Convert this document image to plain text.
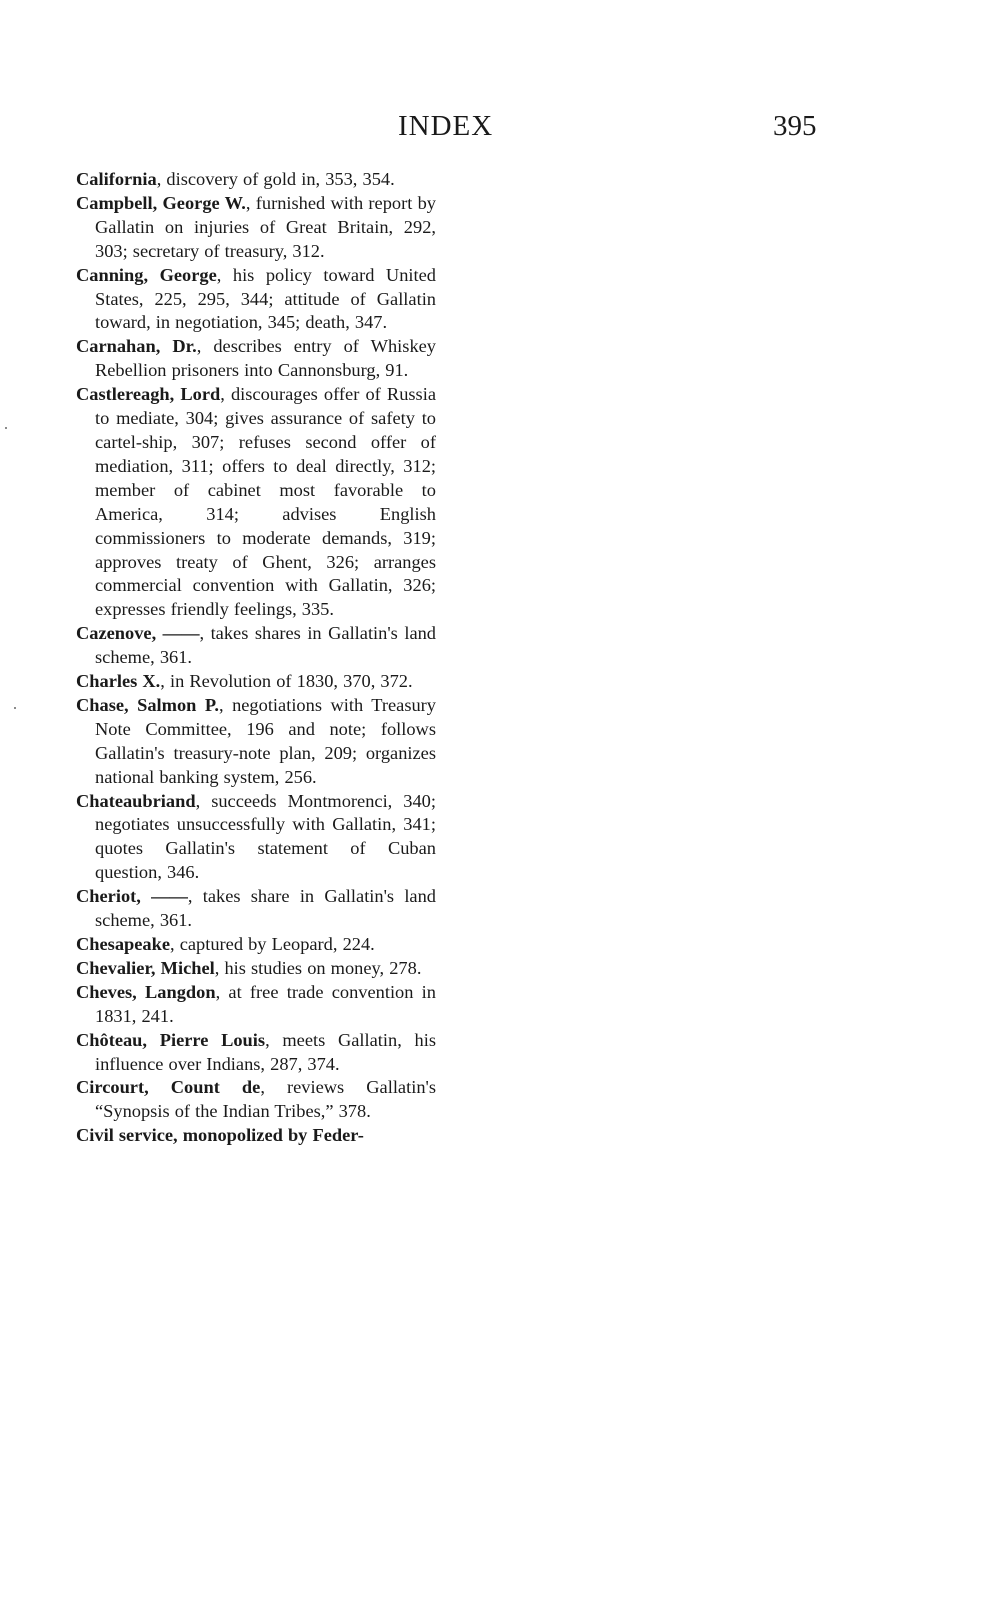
INDEX	395

California, discovery of gold in, 353, 354.

Campbell, George W., furnished with report by Gallatin on injuries of Great Britain, 292, 303; secretary of treasury, 312.

Canning, George, his policy toward United States, 225, 295, 344; attitude of Gallatin toward, in negotiation, 345; death, 347.

Carnahan, Dr., describes entry of Whiskey Rebellion prisoners into Cannonsburg, 91.

Castlereagh, Lord, discourages offer of Russia to mediate, 304; gives assurance of safety to cartel-ship, 307; refuses second offer of mediation, 311; offers to deal directly, 312; member of cabinet most favorable to America, 314; advises English commissioners to moderate demands, 319; approves treaty of Ghent, 326; arranges commercial convention with Gallatin, 326; expresses friendly feelings, 335.

Cazenove, ——, takes shares in Gallatin's land scheme, 361.

Charles X., in Revolution of 1830, 370, 372.

Chase, Salmon P., negotiations with Treasury Note Committee, 196 and note; follows Gallatin's treasury-note plan, 209; organizes national banking system, 256.

Chateaubriand, succeeds Montmorenci, 340; negotiates unsuccessfully with Gallatin, 341; quotes Gallatin's statement of Cuban question, 346.

Cheriot, ——, takes share in Gallatin's land scheme, 361.

Chesapeake, captured by Leopard, 224.

Chevalier, Michel, his studies on money, 278.

Cheves, Langdon, at free trade convention in 1831, 241.

Chôteau, Pierre Louis, meets Gallatin, his influence over Indians, 287, 374.

Circourt, Count de, reviews Gallatin's “Synopsis of the Indian Tribes,” 378.

Civil service, monopolized by Feder-
